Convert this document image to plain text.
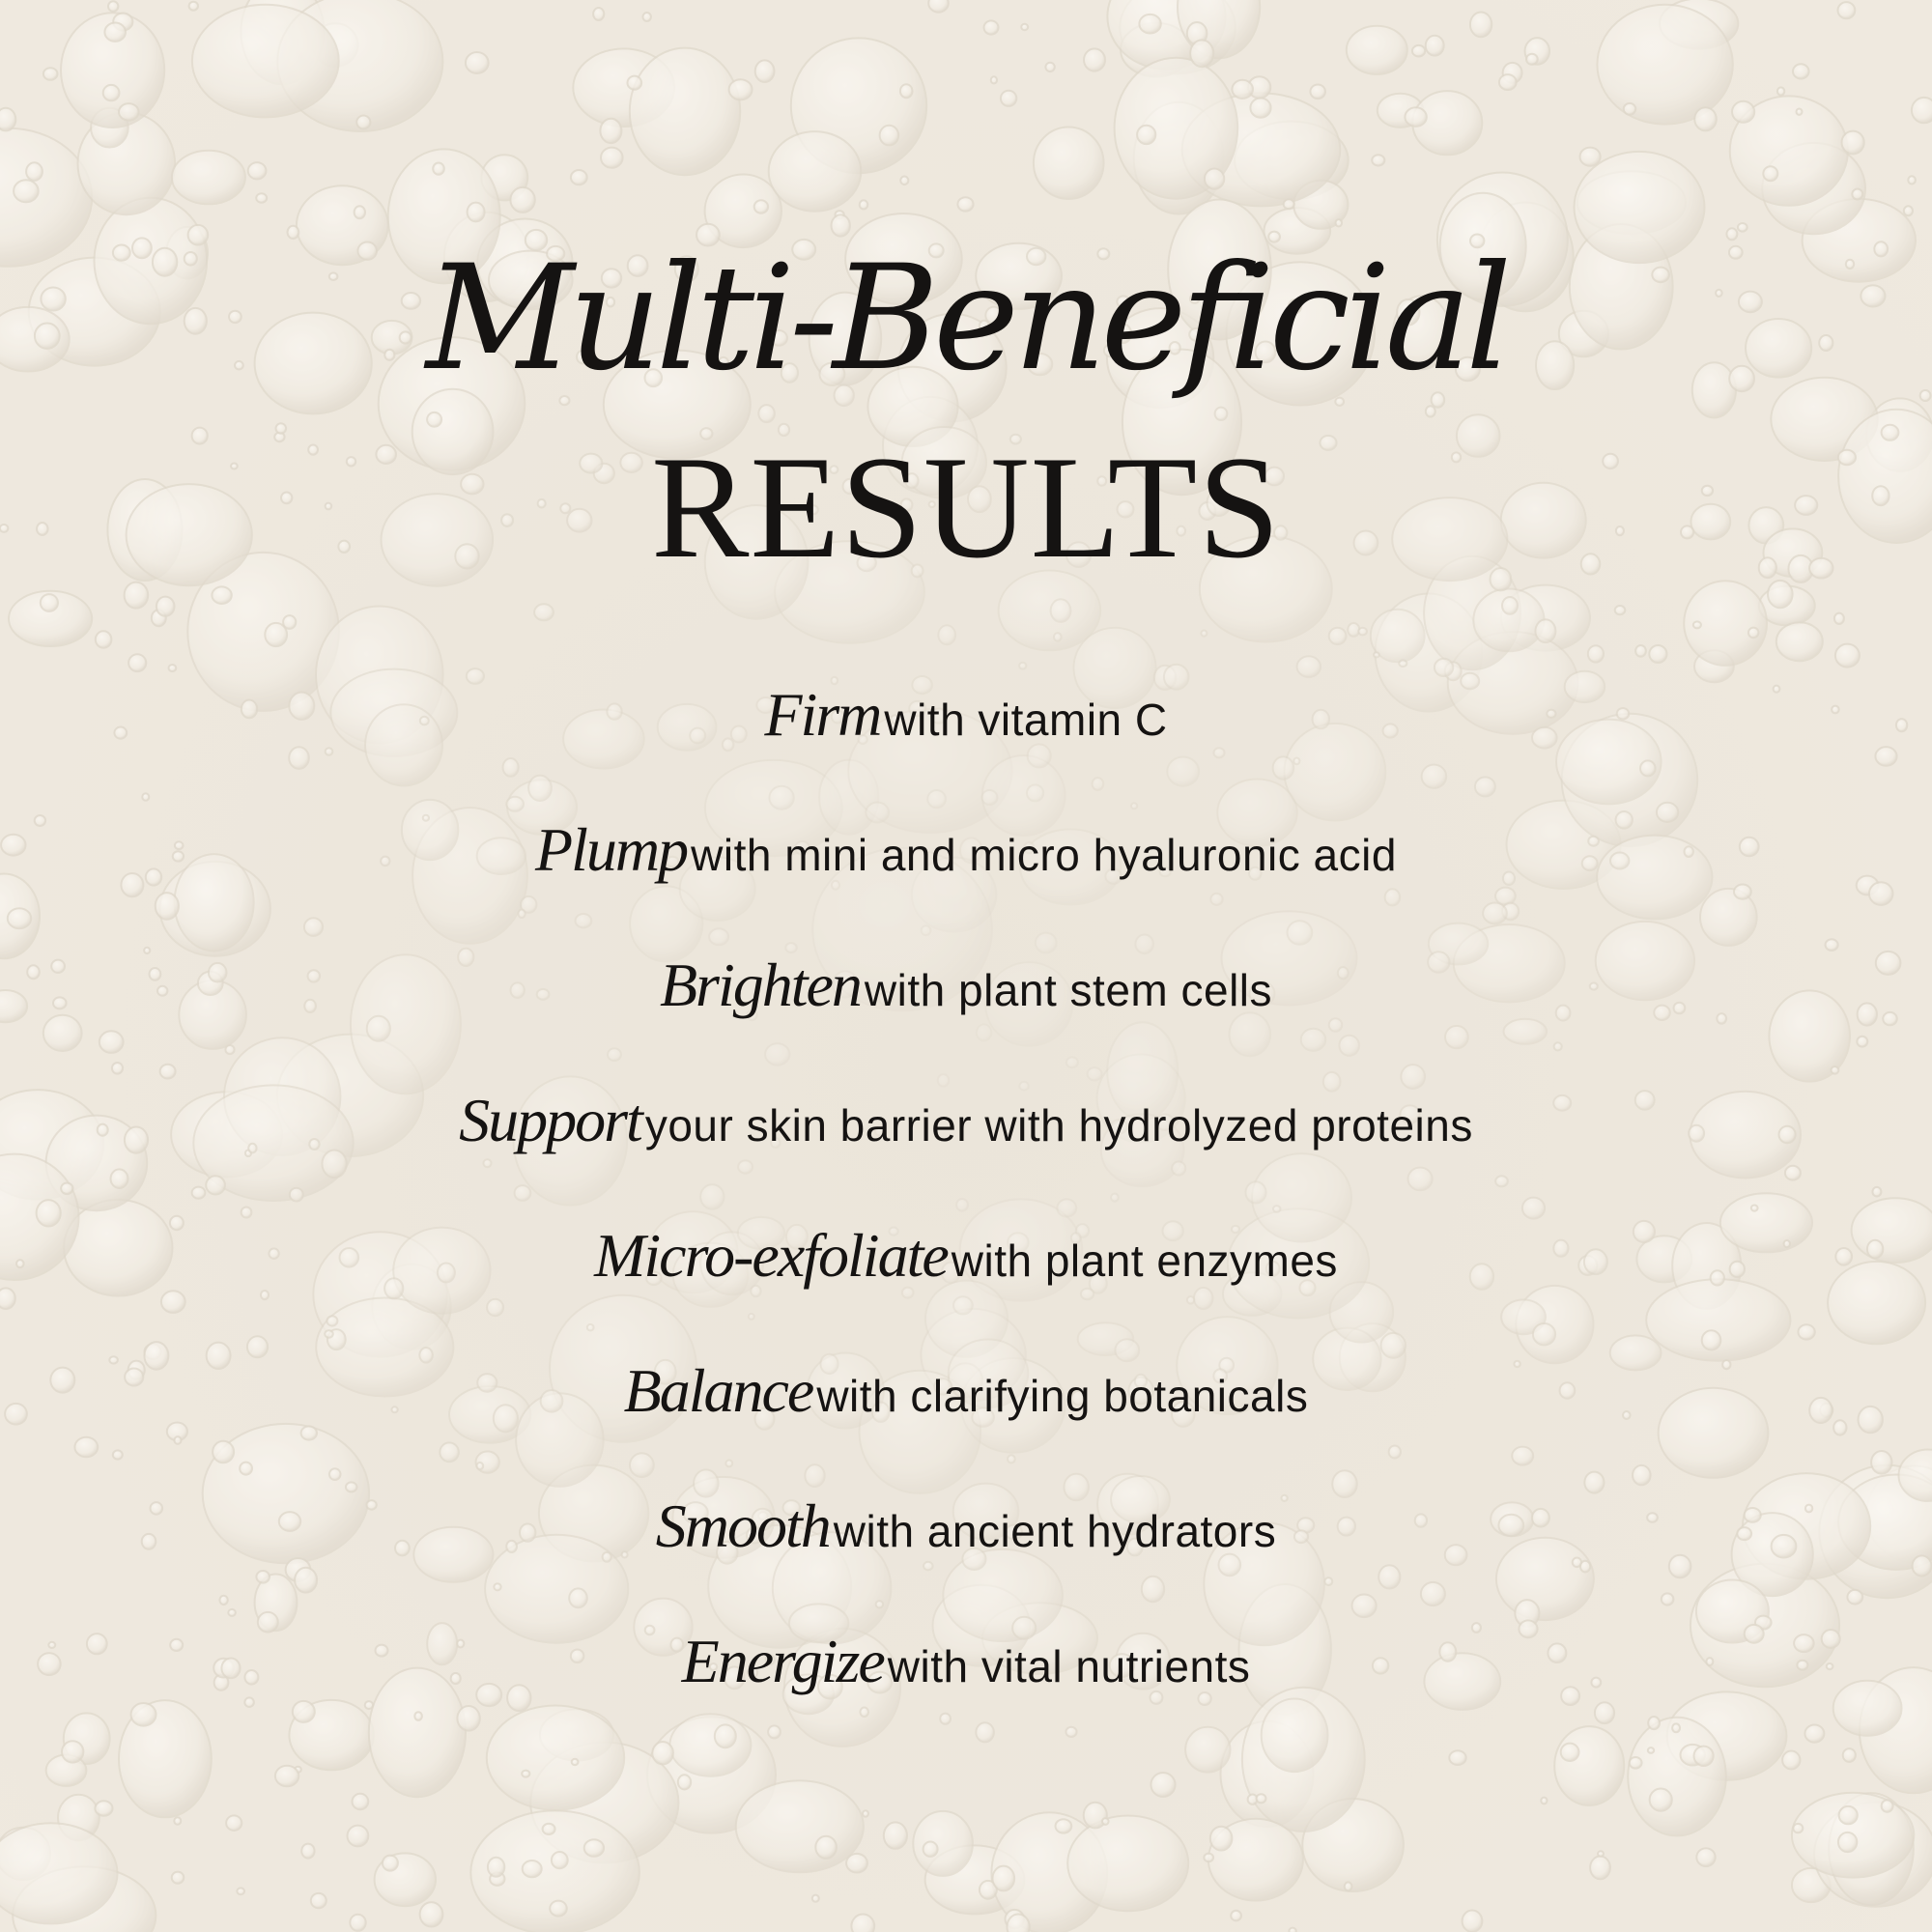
Multi-Beneficial
RESULTS
Firm with vitamin C
Plump with mini and micro hyaluronic acid
Brighten with plant stem cells
Support your skin barrier with hydrolyzed proteins
Micro-exfoliate with plant enzymes
Balance with clarifying botanicals
Smooth with ancient hydrators
Energize with vital nutrients
